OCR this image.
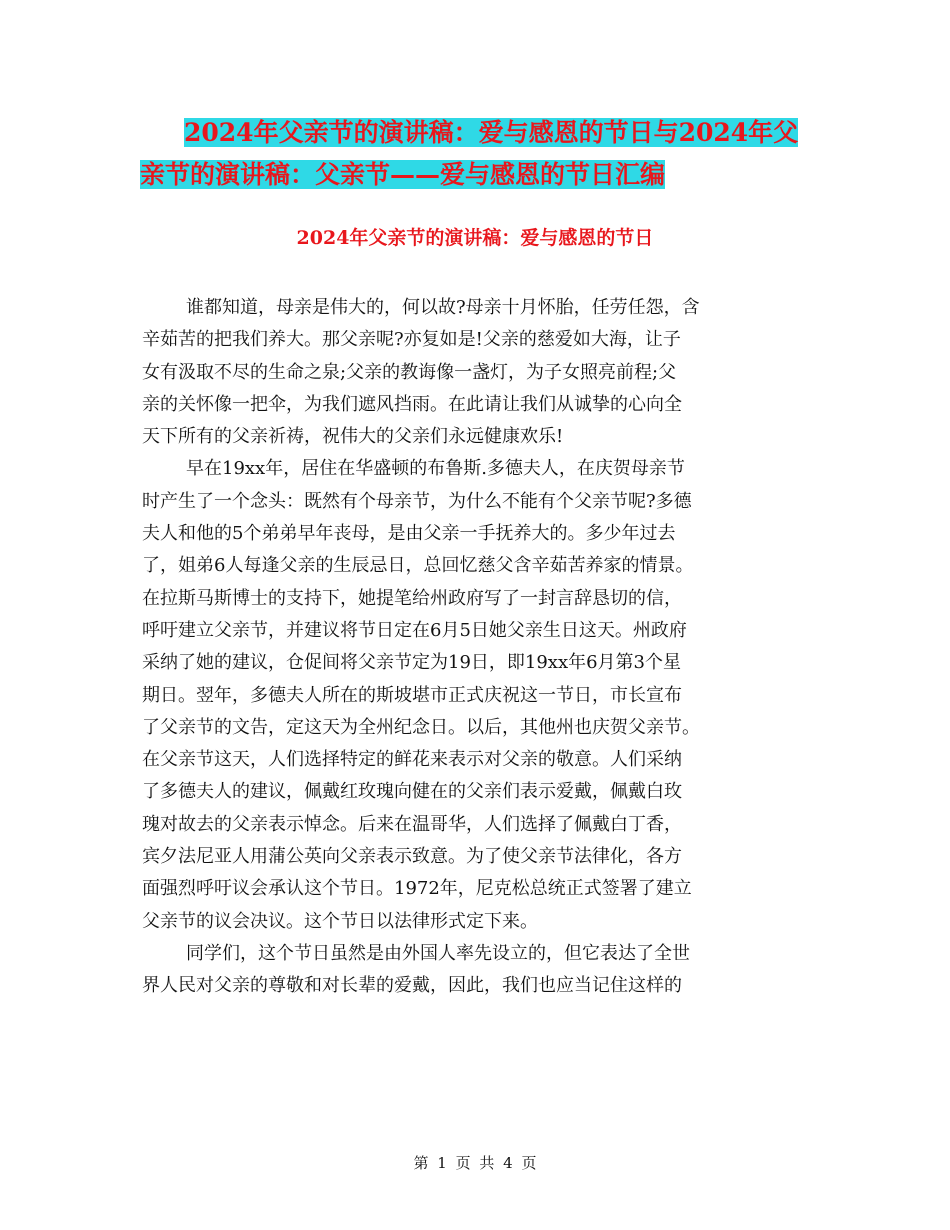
2024年父亲节的演讲稿：爱与感恩的节日与2024年父
亲节的演讲稿：父亲节——爱与感恩的节日汇编
2024年父亲节的演讲稿：爱与感恩的节日
谁都知道，母亲是伟大的，何以故?母亲十月怀胎，任劳任怨，含
辛茹苦的把我们养大。那父亲呢?亦复如是!父亲的慈爱如大海，让子
女有汲取不尽的生命之泉;父亲的教诲像一盏灯，为子女照亮前程;父
亲的关怀像一把伞，为我们遮风挡雨。在此请让我们从诚挚的心向全
天下所有的父亲祈祷，祝伟大的父亲们永远健康欢乐!
早在19xx年，居住在华盛顿的布鲁斯.多德夫人，在庆贺母亲节
时产生了一个念头：既然有个母亲节，为什么不能有个父亲节呢?多德
夫人和他的5个弟弟早年丧母，是由父亲一手抚养大的。多少年过去
了，姐弟6人每逢父亲的生辰忌日，总回忆慈父含辛茹苦养家的情景。
在拉斯马斯博士的支持下，她提笔给州政府写了一封言辞恳切的信，
呼吁建立父亲节，并建议将节日定在6月5日她父亲生日这天。州政府
采纳了她的建议，仓促间将父亲节定为19日，即19xx年6月第3个星
期日。翌年，多德夫人所在的斯坡堪市正式庆祝这一节日，市长宣布
了父亲节的文告，定这天为全州纪念日。以后，其他州也庆贺父亲节。
在父亲节这天，人们选择特定的鲜花来表示对父亲的敬意。人们采纳
了多德夫人的建议，佩戴红玫瑰向健在的父亲们表示爱戴，佩戴白玫
瑰对故去的父亲表示悼念。后来在温哥华，人们选择了佩戴白丁香，
宾夕法尼亚人用蒲公英向父亲表示致意。为了使父亲节法律化，各方
面强烈呼吁议会承认这个节日。1972年，尼克松总统正式签署了建立
父亲节的议会决议。这个节日以法律形式定下来。
同学们，这个节日虽然是由外国人率先设立的，但它表达了全世
界人民对父亲的尊敬和对长辈的爱戴，因此，我们也应当记住这样的
第 1 页 共 4 页
